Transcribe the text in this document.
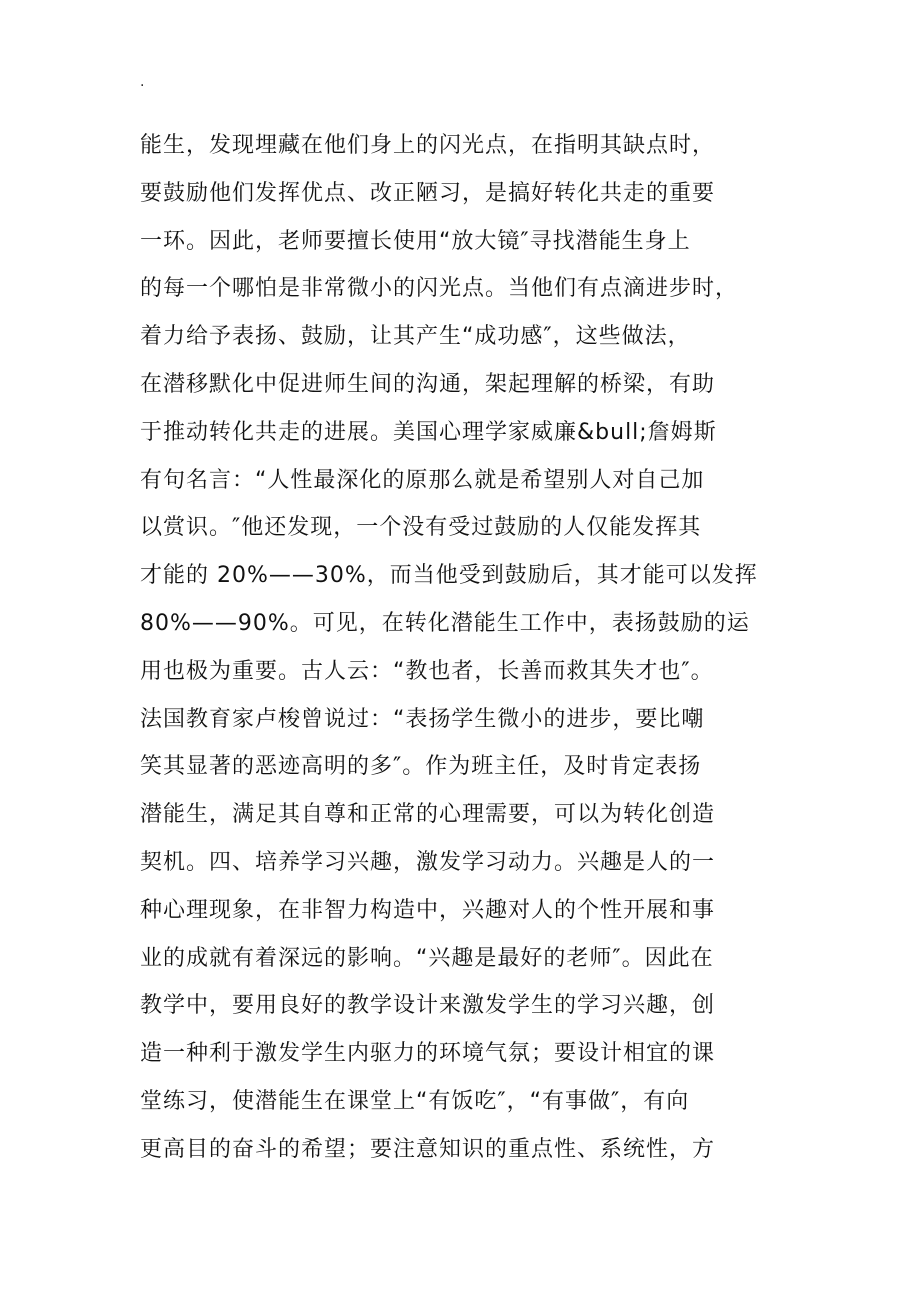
.
能生，发现埋藏在他们身上的闪光点，在指明其缺点时，
要鼓励他们发挥优点、改正陋习，是搞好转化共走的重要
一环。因此，老师要擅长使用“放大镜″寻找潜能生身上
的每一个哪怕是非常微小的闪光点。当他们有点滴进步时，
着力给予表扬、鼓励，让其产生“成功感″，这些做法，
在潜移默化中促进师生间的沟通，架起理解的桥梁，有助
于推动转化共走的进展。美国心理学家威廉&bull;詹姆斯
有句名言：“人性最深化的原那么就是希望别人对自己加
以赏识。″他还发现，一个没有受过鼓励的人仅能发挥其
才能的 20%——30%，而当他受到鼓励后，其才能可以发挥
80%——90%。可见，在转化潜能生工作中，表扬鼓励的运
用也极为重要。古人云：“教也者，长善而救其失才也″。
法国教育家卢梭曾说过：“表扬学生微小的进步，要比嘲
笑其显著的恶迹高明的多″。作为班主任，及时肯定表扬
潜能生，满足其自尊和正常的心理需要，可以为转化创造
契机。四、培养学习兴趣，激发学习动力。兴趣是人的一
种心理现象，在非智力构造中，兴趣对人的个性开展和事
业的成就有着深远的影响。“兴趣是最好的老师″。因此在
教学中，要用良好的教学设计来激发学生的学习兴趣，创
造一种利于激发学生内驱力的环境气氛；要设计相宜的课
堂练习，使潜能生在课堂上“有饭吃″，“有事做″，有向
更高目的奋斗的希望；要注意知识的重点性、系统性，方
